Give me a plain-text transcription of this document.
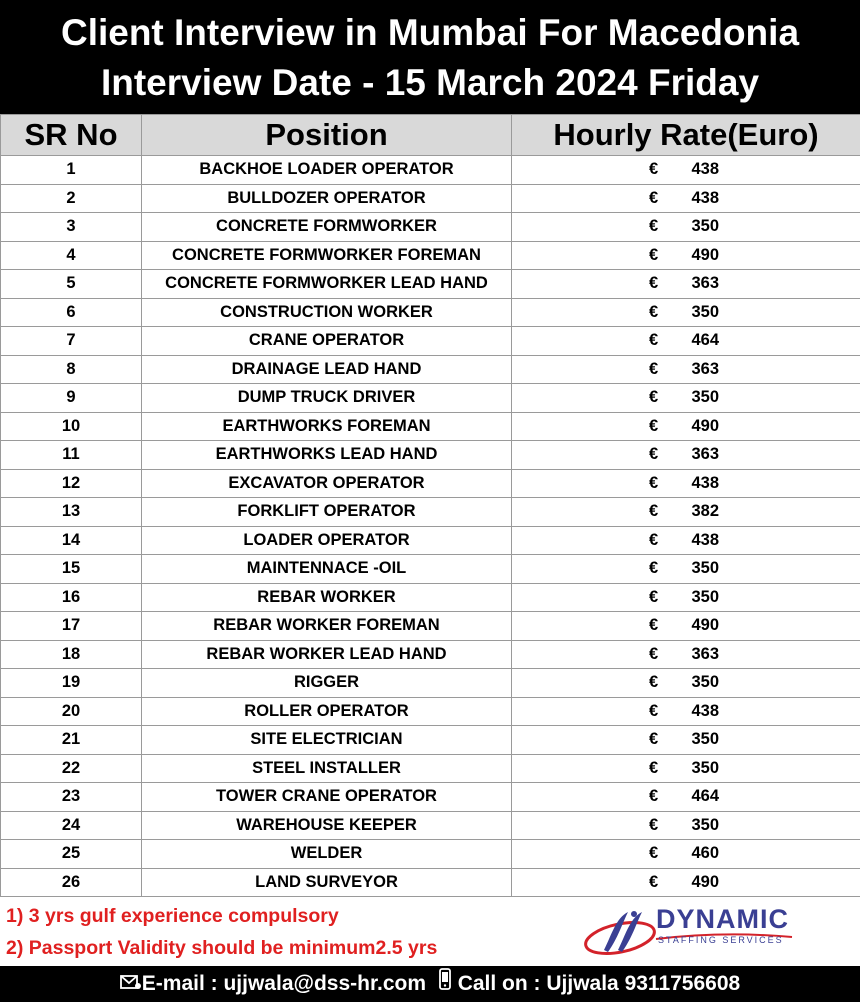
Client Interview in Mumbai For Macedonia
Interview Date - 15 March 2024 Friday
SR No	Position	Hourly Rate(Euro)
1	BACKHOE LOADER OPERATOR	€ 438
2	BULLDOZER OPERATOR	€ 438
3	CONCRETE FORMWORKER	€ 350
4	CONCRETE FORMWORKER FOREMAN	€ 490
5	CONCRETE FORMWORKER LEAD HAND	€ 363
6	CONSTRUCTION WORKER	€ 350
7	CRANE OPERATOR	€ 464
8	DRAINAGE LEAD HAND	€ 363
9	DUMP TRUCK DRIVER	€ 350
10	EARTHWORKS FOREMAN	€ 490
11	EARTHWORKS LEAD HAND	€ 363
12	EXCAVATOR OPERATOR	€ 438
13	FORKLIFT OPERATOR	€ 382
14	LOADER OPERATOR	€ 438
15	MAINTENNACE -OIL	€ 350
16	REBAR WORKER	€ 350
17	REBAR WORKER FOREMAN	€ 490
18	REBAR WORKER LEAD HAND	€ 363
19	RIGGER	€ 350
20	ROLLER OPERATOR	€ 438
21	SITE ELECTRICIAN	€ 350
22	STEEL INSTALLER	€ 350
23	TOWER CRANE OPERATOR	€ 464
24	WAREHOUSE KEEPER	€ 350
25	WELDER	€ 460
26	LAND SURVEYOR	€ 490
1) 3 yrs gulf experience compulsory
2) Passport Validity should be minimum2.5 yrs
DYNAMIC
STAFFING SERVICES
E-mail : ujjwala@dss-hr.com Call on : Ujjwala 9311756608
